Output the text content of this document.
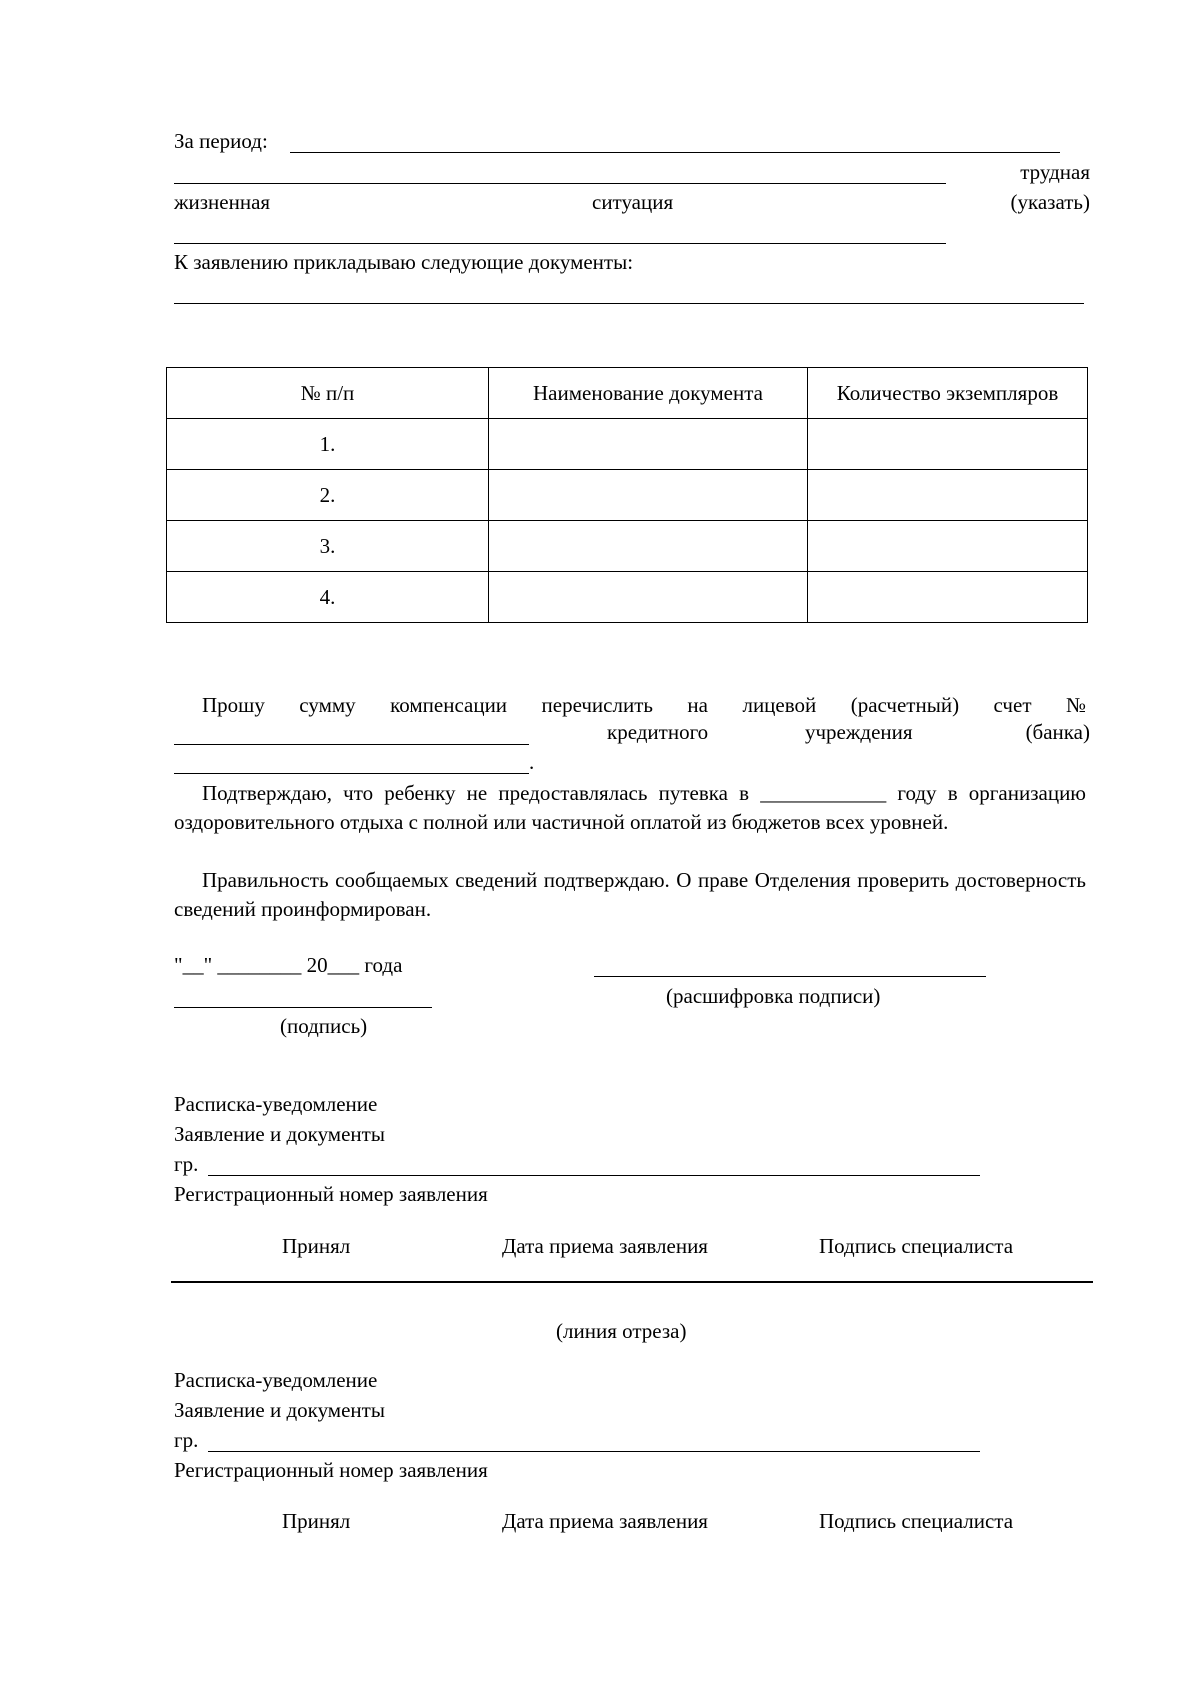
За период:
трудная
жизненная	ситуация	(указать)
К заявлению прикладываю следующие документы:
№ п/п	Наименование документа	Количество экземпляров
1.		
2.		
3.		
4.		
Прошу сумму компенсации перечислить на лицевой (расчетный) счет №
кредитного	учреждения	(банка)
.
Подтверждаю, что ребенку не предоставлялась путевка в ____________ году в организацию оздоровительного отдыха с полной или частичной оплатой из бюджетов всех уровней.
Правильность сообщаемых сведений подтверждаю. О праве Отделения проверить достоверность сведений проинформирован.
"__" ________ 20___ года
(расшифровка подписи)
(подпись)
Расписка-уведомление
Заявление и документы
гр.
Регистрационный номер заявления
Принял	Дата приема заявления	Подпись специалиста
(линия отреза)
Расписка-уведомление
Заявление и документы
гр.
Регистрационный номер заявления
Принял	Дата приема заявления	Подпись специалиста
